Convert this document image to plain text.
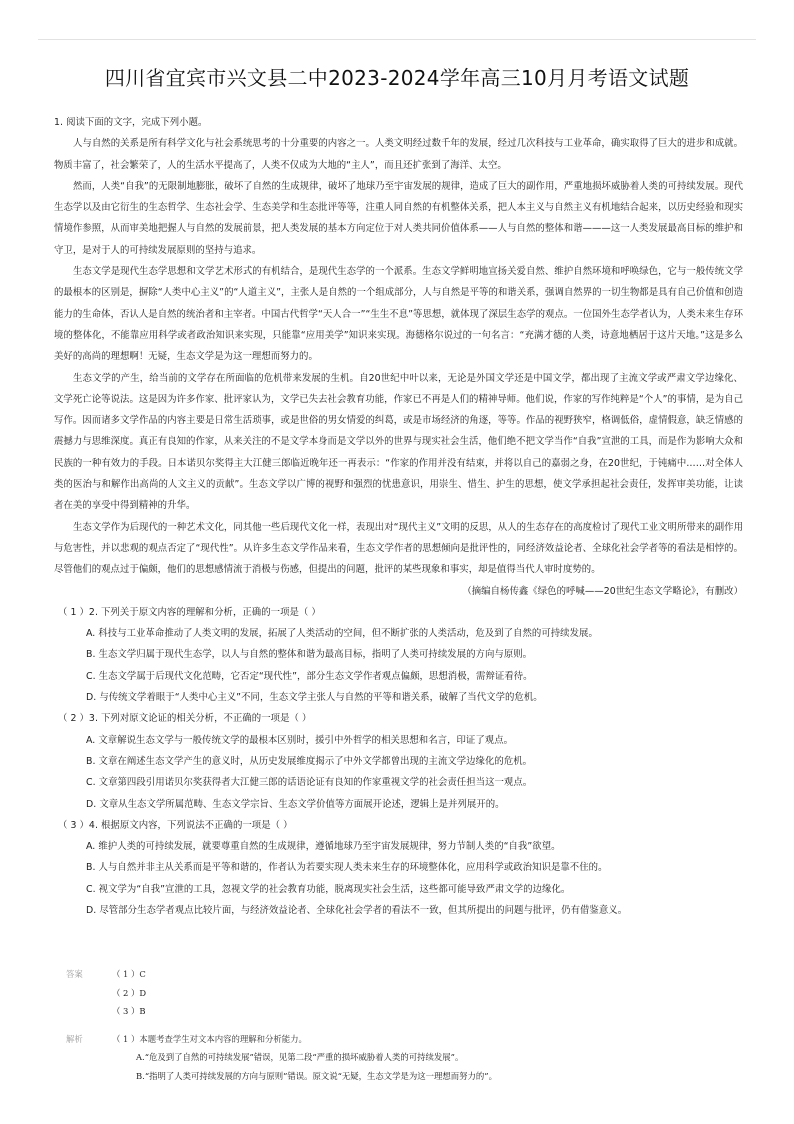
四川省宜宾市兴文县二中2023-2024学年高三10月月考语文试题

1. 阅读下面的文字，完成下列小题。

人与自然的关系是所有科学文化与社会系统思考的十分重要的内容之一。人类文明经过数千年的发展，经过几次科技与工业革命，确实取得了巨大的进步和成就。物质丰富了，社会繁荣了，人的生活水平提高了，人类不仅成为大地的“主人”，而且还扩张到了海洋、太空。

然而，人类“自我”的无限制地膨胀，破坏了自然的生成规律，破坏了地球乃至宇宙发展的规律，造成了巨大的副作用，严重地损坏威胁着人类的可持续发展。现代生态学以及由它衍生的生态哲学、生态社会学、生态美学和生态批评等等，注重人同自然的有机整体关系，把人本主义与自然主义有机地结合起来，以历史经验和现实情境作参照，从而审美地把握人与自然的发展前景，把人类发展的基本方向定位于对人类共同价值体系——人与自然的整体和谐———这一人类发展最高目标的维护和守卫，是对于人的可持续发展原则的坚持与追求。

生态文学是现代生态学思想和文学艺术形式的有机结合，是现代生态学的一个派系。生态文学鲜明地宣扬关爱自然、维护自然环境和呼唤绿色，它与一般传统文学的最根本的区别是，摒除“人类中心主义”的“人道主义”，主张人是自然的一个组成部分，人与自然是平等的和谐关系，强调自然界的一切生物都是具有自己价值和创造能力的生命体，否认人是自然的统治者和主宰者。中国古代哲学“天人合一”“生生不息”等思想，就体现了深层生态学的观点。一位国外生态学者认为，人类未来生存环境的整体化，不能靠应用科学或者政治知识来实现，只能靠“应用美学”知识来实现。海德格尔说过的一句名言：“充满才德的人类，诗意地栖居于这片天地。”这是多么美好的高尚的理想啊！无疑，生态文学是为这一理想而努力的。

生态文学的产生，给当前的文学存在所面临的危机带来发展的生机。自20世纪中叶以来，无论是外国文学还是中国文学，都出现了主流文学或严肃文学边缘化、文学死亡论等说法。这是因为许多作家、批评家认为，文学已失去社会教育功能，作家已不再是人们的精神导师。他们说，作家的写作纯粹是“个人”的事情，是为自己写作。因而诸多文学作品的内容主要是日常生活琐事，或是世俗的男女情爱的纠葛，或是市场经济的角逐，等等。作品的视野狭窄，格调低俗，虚情假意，缺乏情感的震撼力与思维深度。真正有良知的作家，从来关注的不是文学本身而是文学以外的世界与现实社会生活，他们绝不把文学当作“自我”宣泄的工具，而是作为影响大众和民族的一种有效力的手段。日本诺贝尔奖得主大江健三郎临近晚年还一再表示：“作家的作用并没有结束，并将以自己的嘉弱之身，在20世纪，于钝痛中……对全体人类的医治与和解作出高尚的人文主义的贡献”。生态文学以广博的视野和强烈的忧患意识，用崇生、惜生、护生的思想，使文学承担起社会责任，发挥审美功能，让读者在美的享受中得到精神的升华。

生态文学作为后现代的一种艺术文化，同其他一些后现代文化一样，表现出对“现代主义”文明的反思，从人的生态存在的高度检讨了现代工业文明所带来的副作用与危害性，并以悲观的观点否定了“现代性”。从许多生态文学作品来看，生态文学作者的思想倾向是批评性的，同经济效益论者、全球化社会学者等的看法是相悖的。尽管他们的观点过于偏颇，他们的思想感情流于消极与伤感，但提出的问题，批评的某些现象和事实，却是值得当代人审时度势的。

（摘编自杨传鑫《绿色的呼喊——20世纪生态文学略论》，有删改）

（ 1 ）2. 下列关于原文内容的理解和分析，正确的一项是（ ）

A. 科技与工业革命推动了人类文明的发展，拓展了人类活动的空间，但不断扩张的人类活动，危及到了自然的可持续发展。

B. 生态文学归属于现代生态学，以人与自然的整体和谐为最高目标，指明了人类可持续发展的方向与原则。

C. 生态文学属于后现代文化范畴，它否定“现代性”，部分生态文学作者观点偏颇，思想消极，需辩证看待。

D. 与传统文学着眼于“人类中心主义”不同，生态文学主张人与自然的平等和谐关系，破解了当代文学的危机。

（ 2 ）3. 下列对原文论证的相关分析，不正确的一项是（ ）

A. 文章解说生态文学与一般传统文学的最根本区别时，援引中外哲学的相关思想和名言，印证了观点。

B. 文章在阐述生态文学产生的意义时，从历史发展维度揭示了中外文学都曾出现的主流文学边缘化的危机。

C. 文章第四段引用诺贝尔奖获得者大江健三郎的话语论证有良知的作家重视文学的社会责任担当这一观点。

D. 文章从生态文学所属范畴、生态文学宗旨、生态文学价值等方面展开论述，逻辑上是并列展开的。

（ 3 ）4. 根据原文内容，下列说法不正确的一项是（ ）

A. 维护人类的可持续发展，就要尊重自然的生成规律，遵循地球乃至宇宙发展规律，努力节制人类的“自我”欲望。

B. 人与自然并非主从关系而是平等和谐的，作者认为若要实现人类未来生存的环境整体化，应用科学或政治知识是靠不住的。

C. 视文学为“自我”宣泄的工具，忽视文学的社会教育功能，脱离现实社会生活，这些都可能导致严肃文学的边缘化。

D. 尽管部分生态学者观点比较片面，与经济效益论者、全球化社会学者的看法不一致，但其所提出的问题与批评，仍有借鉴意义。

答案	（ 1 ）C
（ 2 ）D
（ 3 ）B
解析	（ 1 ）本题考查学生对文本内容的理解和分析能力。
A.“危及到了自然的可持续发展”错误，见第二段“严重的损坏威胁着人类的可持续发展”。
B.“指明了人类可持续发展的方向与原则”错误。原文说“无疑，生态文学是为这一理想而努力的”。
